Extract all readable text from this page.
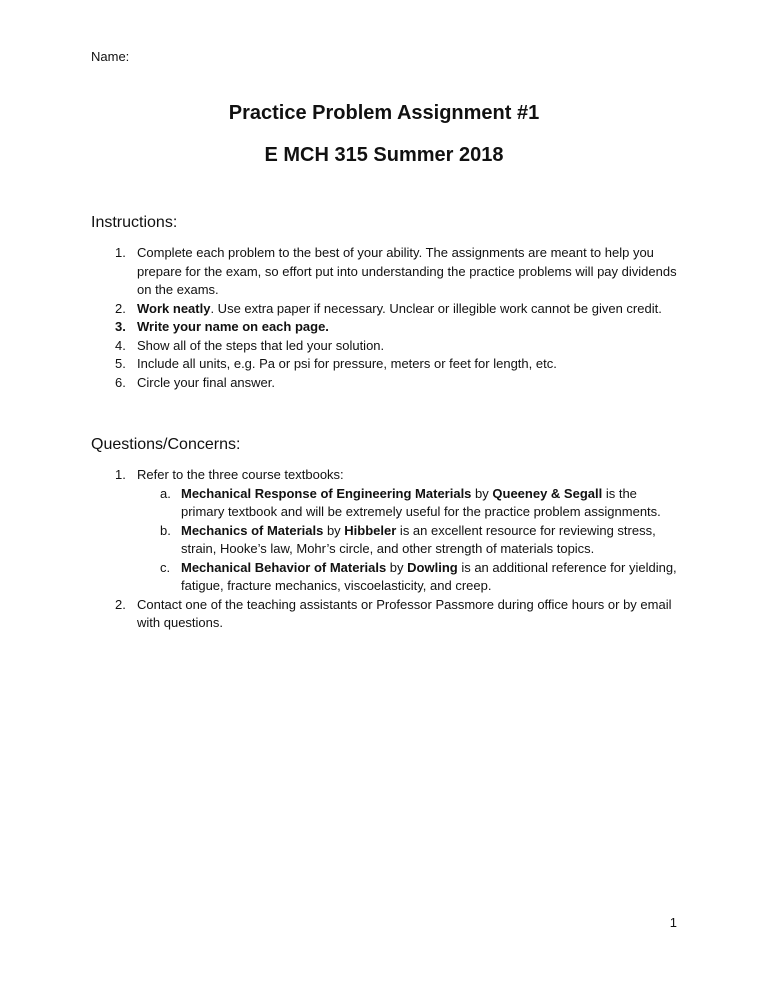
Name:
Practice Problem Assignment #1
E MCH 315 Summer 2018
Instructions:
1. Complete each problem to the best of your ability. The assignments are meant to help you prepare for the exam, so effort put into understanding the practice problems will pay dividends on the exams.
2. Work neatly. Use extra paper if necessary. Unclear or illegible work cannot be given credit.
3. Write your name on each page.
4. Show all of the steps that led your solution.
5. Include all units, e.g. Pa or psi for pressure, meters or feet for length, etc.
6. Circle your final answer.
Questions/Concerns:
1. Refer to the three course textbooks:
a. Mechanical Response of Engineering Materials by Queeney & Segall is the primary textbook and will be extremely useful for the practice problem assignments.
b. Mechanics of Materials by Hibbeler is an excellent resource for reviewing stress, strain, Hooke’s law, Mohr’s circle, and other strength of materials topics.
c. Mechanical Behavior of Materials by Dowling is an additional reference for yielding, fatigue, fracture mechanics, viscoelasticity, and creep.
2. Contact one of the teaching assistants or Professor Passmore during office hours or by email with questions.
1
